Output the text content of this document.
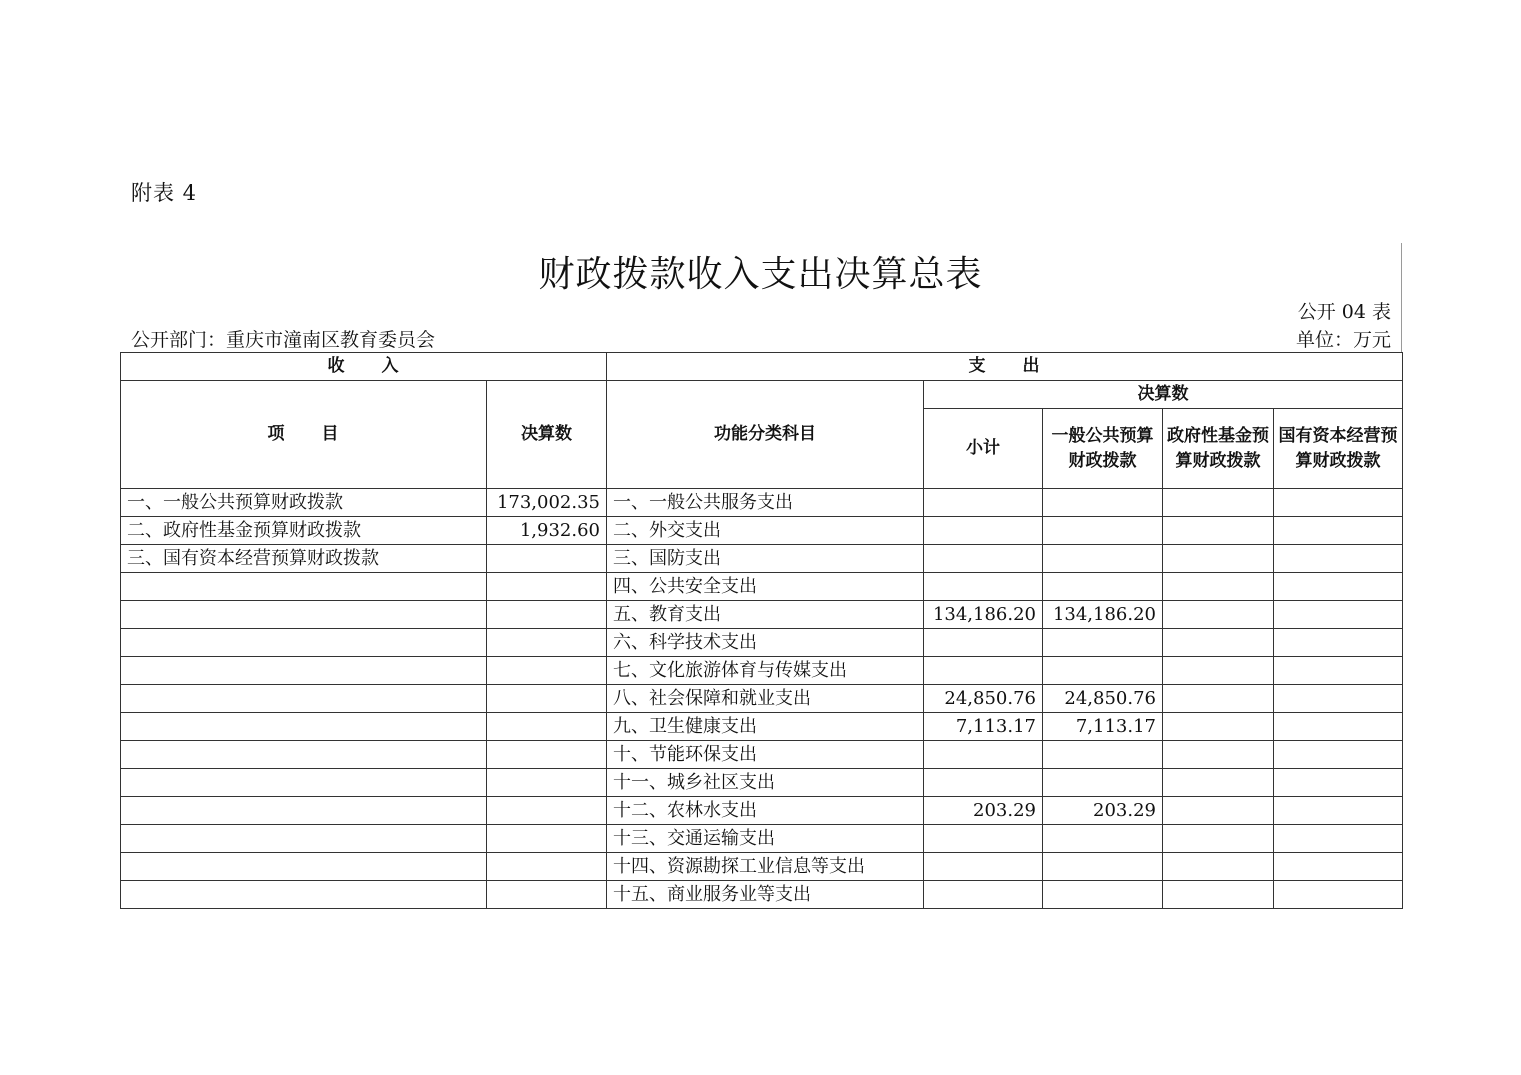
附表 4
财政拨款收入支出决算总表
公开 04 表
公开部门：重庆市潼南区教育委员会	单位：万元
收　　入		支　　出				
项　　目	决算数	功能分类科目	决算数			
			小计	一般公共预算财政拨款	政府性基金预算财政拨款	国有资本经营预算财政拨款
一、一般公共预算财政拨款	173,002.35	一、一般公共服务支出				
二、政府性基金预算财政拨款	1,932.60	二、外交支出				
三、国有资本经营预算财政拨款		三、国防支出				
		四、公共安全支出				
		五、教育支出	134,186.20	134,186.20		
		六、科学技术支出				
		七、文化旅游体育与传媒支出				
		八、社会保障和就业支出	24,850.76	24,850.76		
		九、卫生健康支出	7,113.17	7,113.17		
		十、节能环保支出				
		十一、城乡社区支出				
		十二、农林水支出	203.29	203.29		
		十三、交通运输支出				
		十四、资源勘探工业信息等支出				
		十五、商业服务业等支出				
